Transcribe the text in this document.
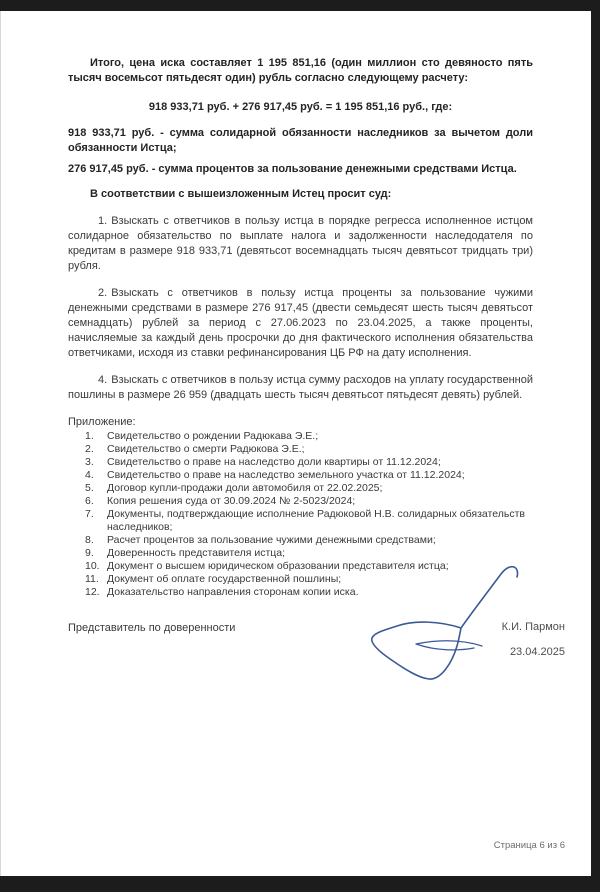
Итого, цена иска составляет 1 195 851,16 (один миллион сто девяносто пять тысяч восемьсот пятьдесят один) рубль согласно следующему расчету:

918 933,71 руб. + 276 917,45 руб. = 1 195 851,16 руб., где:

918 933,71 руб. - сумма солидарной обязанности наследников за вычетом доли обязанности Истца;

276 917,45 руб. - сумма процентов за пользование денежными средствами Истца.

В соответствии с вышеизложенным Истец просит суд:

1. Взыскать с ответчиков в пользу истца в порядке регресса исполненное истцом солидарное обязательство по выплате налога и задолженности наследодателя по кредитам в размере 918 933,71 (девятьсот восемнадцать тысяч девятьсот тридцать три) рубля.

2. Взыскать с ответчиков в пользу истца проценты за пользование чужими денежными средствами в размере 276 917,45 (двести семьдесят шесть тысяч девятьсот семнадцать) рублей за период с 27.06.2023 по 23.04.2025, а также проценты, начисляемые за каждый день просрочки до дня фактического исполнения обязательства ответчиками, исходя из ставки рефинансирования ЦБ РФ на дату исполнения.

4. Взыскать с ответчиков в пользу истца сумму расходов на уплату государственной пошлины в размере 26 959 (двадцать шесть тысяч девятьсот пятьдесят девять) рублей.

Приложение:

1.	Свидетельство о рождении Радюкава Э.Е.;
2.	Свидетельство о смерти Радюкова Э.Е.;
3.	Свидетельство о праве на наследство доли квартиры от 11.12.2024;
4.	Свидетельство о праве на наследство земельного участка от 11.12.2024;
5.	Договор купли-продажи доли автомобиля от 22.02.2025;
6.	Копия решения суда от 30.09.2024 № 2-5023/2024;
7.	Документы, подтверждающие исполнение Радюковой Н.В. солидарных обязательств наследников;
8.	Расчет процентов за пользование чужими денежными средствами;
9.	Доверенность представителя истца;
10. Документ о высшем юридическом образовании представителя истца;
11. Документ об оплате государственной пошлины;
12. Доказательство направления сторонам копии иска.

Представитель по доверенности	К.И. Пармон
23.04.2025
Страница 6 из 6
